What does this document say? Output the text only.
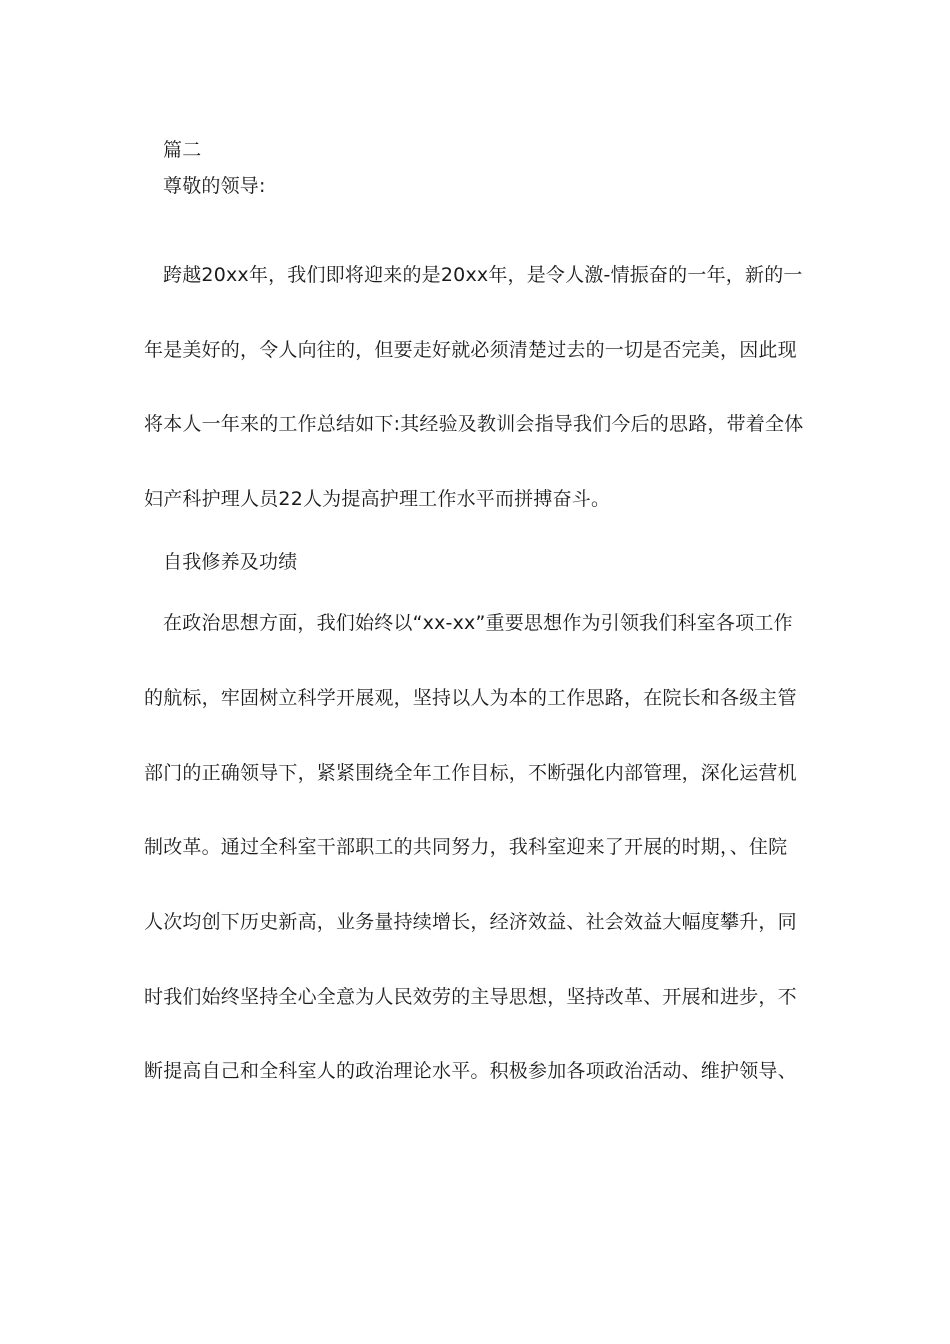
篇二
尊敬的领导:
跨越20xx年，我们即将迎来的是20xx年，是令人激-情振奋的一年，新的一
年是美好的，令人向往的，但要走好就必须清楚过去的一切是否完美，因此现
将本人一年来的工作总结如下:其经验及教训会指导我们今后的思路，带着全体
妇产科护理人员22人为提高护理工作水平而拼搏奋斗。
自我修养及功绩
在政治思想方面，我们始终以“xx-xx”重要思想作为引领我们科室各项工作
的航标，牢固树立科学开展观，坚持以人为本的工作思路，在院长和各级主管
部门的正确领导下，紧紧围绕全年工作目标，不断强化内部管理，深化运营机
制改革。通过全科室干部职工的共同努力，我科室迎来了开展的时期，、住院
人次均创下历史新高，业务量持续增长，经济效益、社会效益大幅度攀升，同
时我们始终坚持全心全意为人民效劳的主导思想，坚持改革、开展和进步，不
断提高自己和全科室人的政治理论水平。积极参加各项政治活动、维护领导、
